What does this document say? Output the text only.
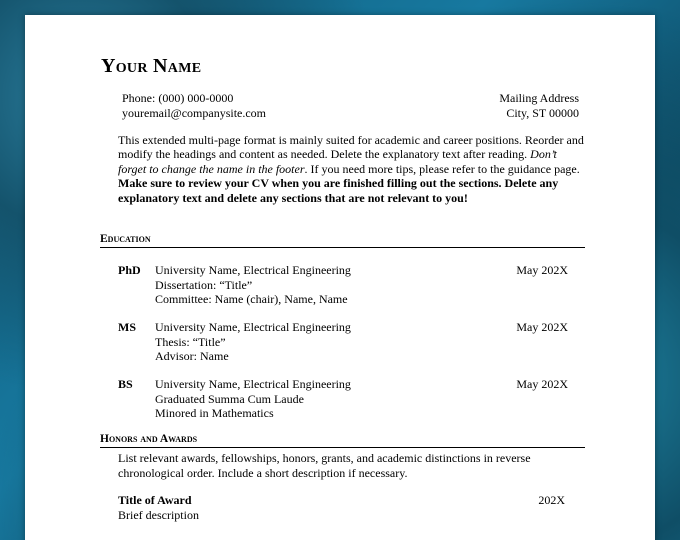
Your Name
Phone: (000) 000-0000
youremail@companysite.com
Mailing Address
City, ST 00000
This extended multi-page format is mainly suited for academic and career positions. Reorder and modify the headings and content as needed. Delete the explanatory text after reading. Don’t forget to change the name in the footer. If you need more tips, please refer to the guidance page. Make sure to review your CV when you are finished filling out the sections. Delete any explanatory text and delete any sections that are not relevant to you!
Education
PhD University Name, Electrical Engineering
Dissertation: “Title”
Committee: Name (chair), Name, Name
May 202X
MS University Name, Electrical Engineering
Thesis: “Title”
Advisor: Name
May 202X
BS University Name, Electrical Engineering
Graduated Summa Cum Laude
Minored in Mathematics
May 202X
Honors and Awards
List relevant awards, fellowships, honors, grants, and academic distinctions in reverse chronological order. Include a short description if necessary.
Title of Award
Brief description
202X
